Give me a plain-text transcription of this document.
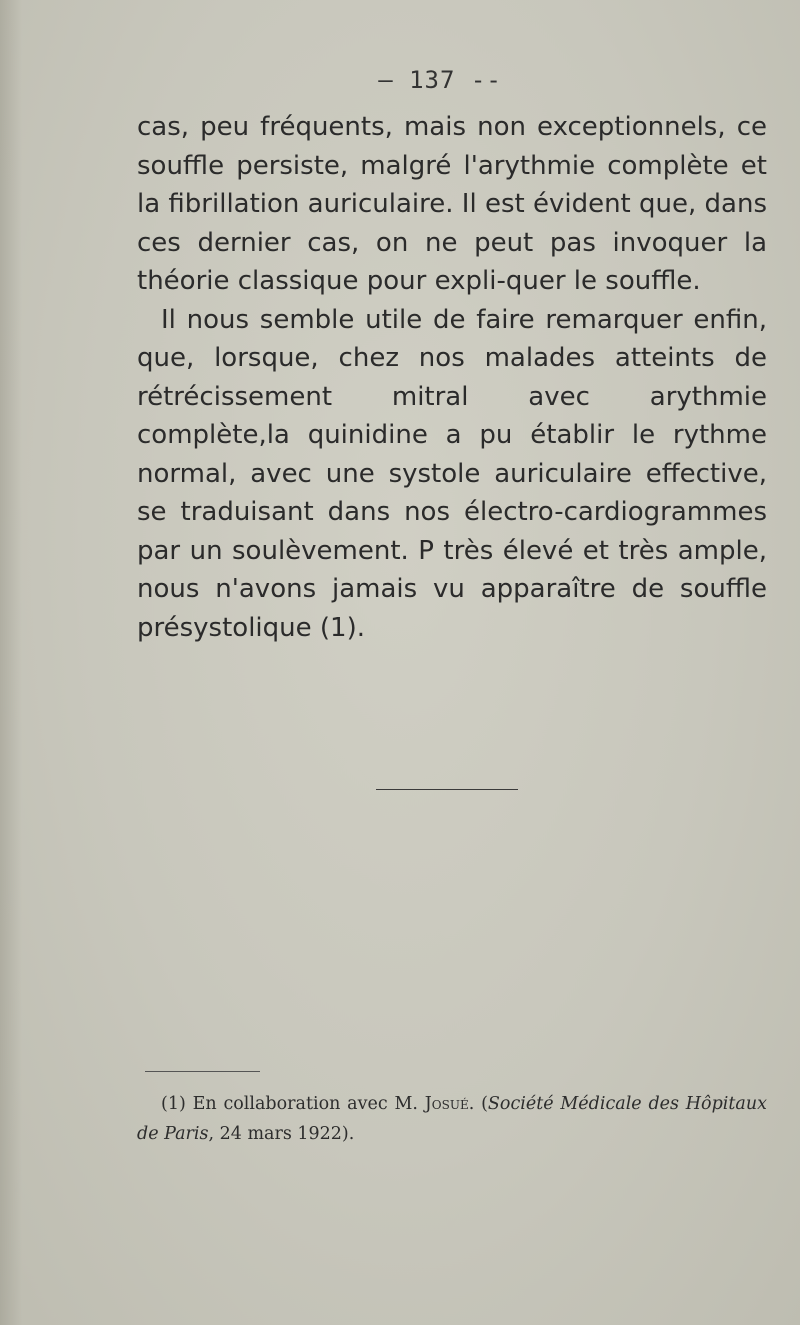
— 137 --

cas, peu fréquents, mais non exceptionnels, ce souffle persiste, malgré l'arythmie complète et la fibrillation auriculaire. Il est évident que, dans ces dernier cas, on ne peut pas invoquer la théorie classique pour expli-quer le souffle.

Il nous semble utile de faire remarquer enfin, que, lorsque, chez nos malades atteints de rétrécissement mitral avec arythmie complète,la quinidine a pu établir le rythme normal, avec une systole auriculaire effective, se traduisant dans nos électro-cardiogrammes par un soulèvement. P très élevé et très ample, nous n'avons jamais vu apparaître de souffle présystolique (1).

(1) En collaboration avec M. Josué. (Société Médicale des Hôpitaux de Paris, 24 mars 1922).
